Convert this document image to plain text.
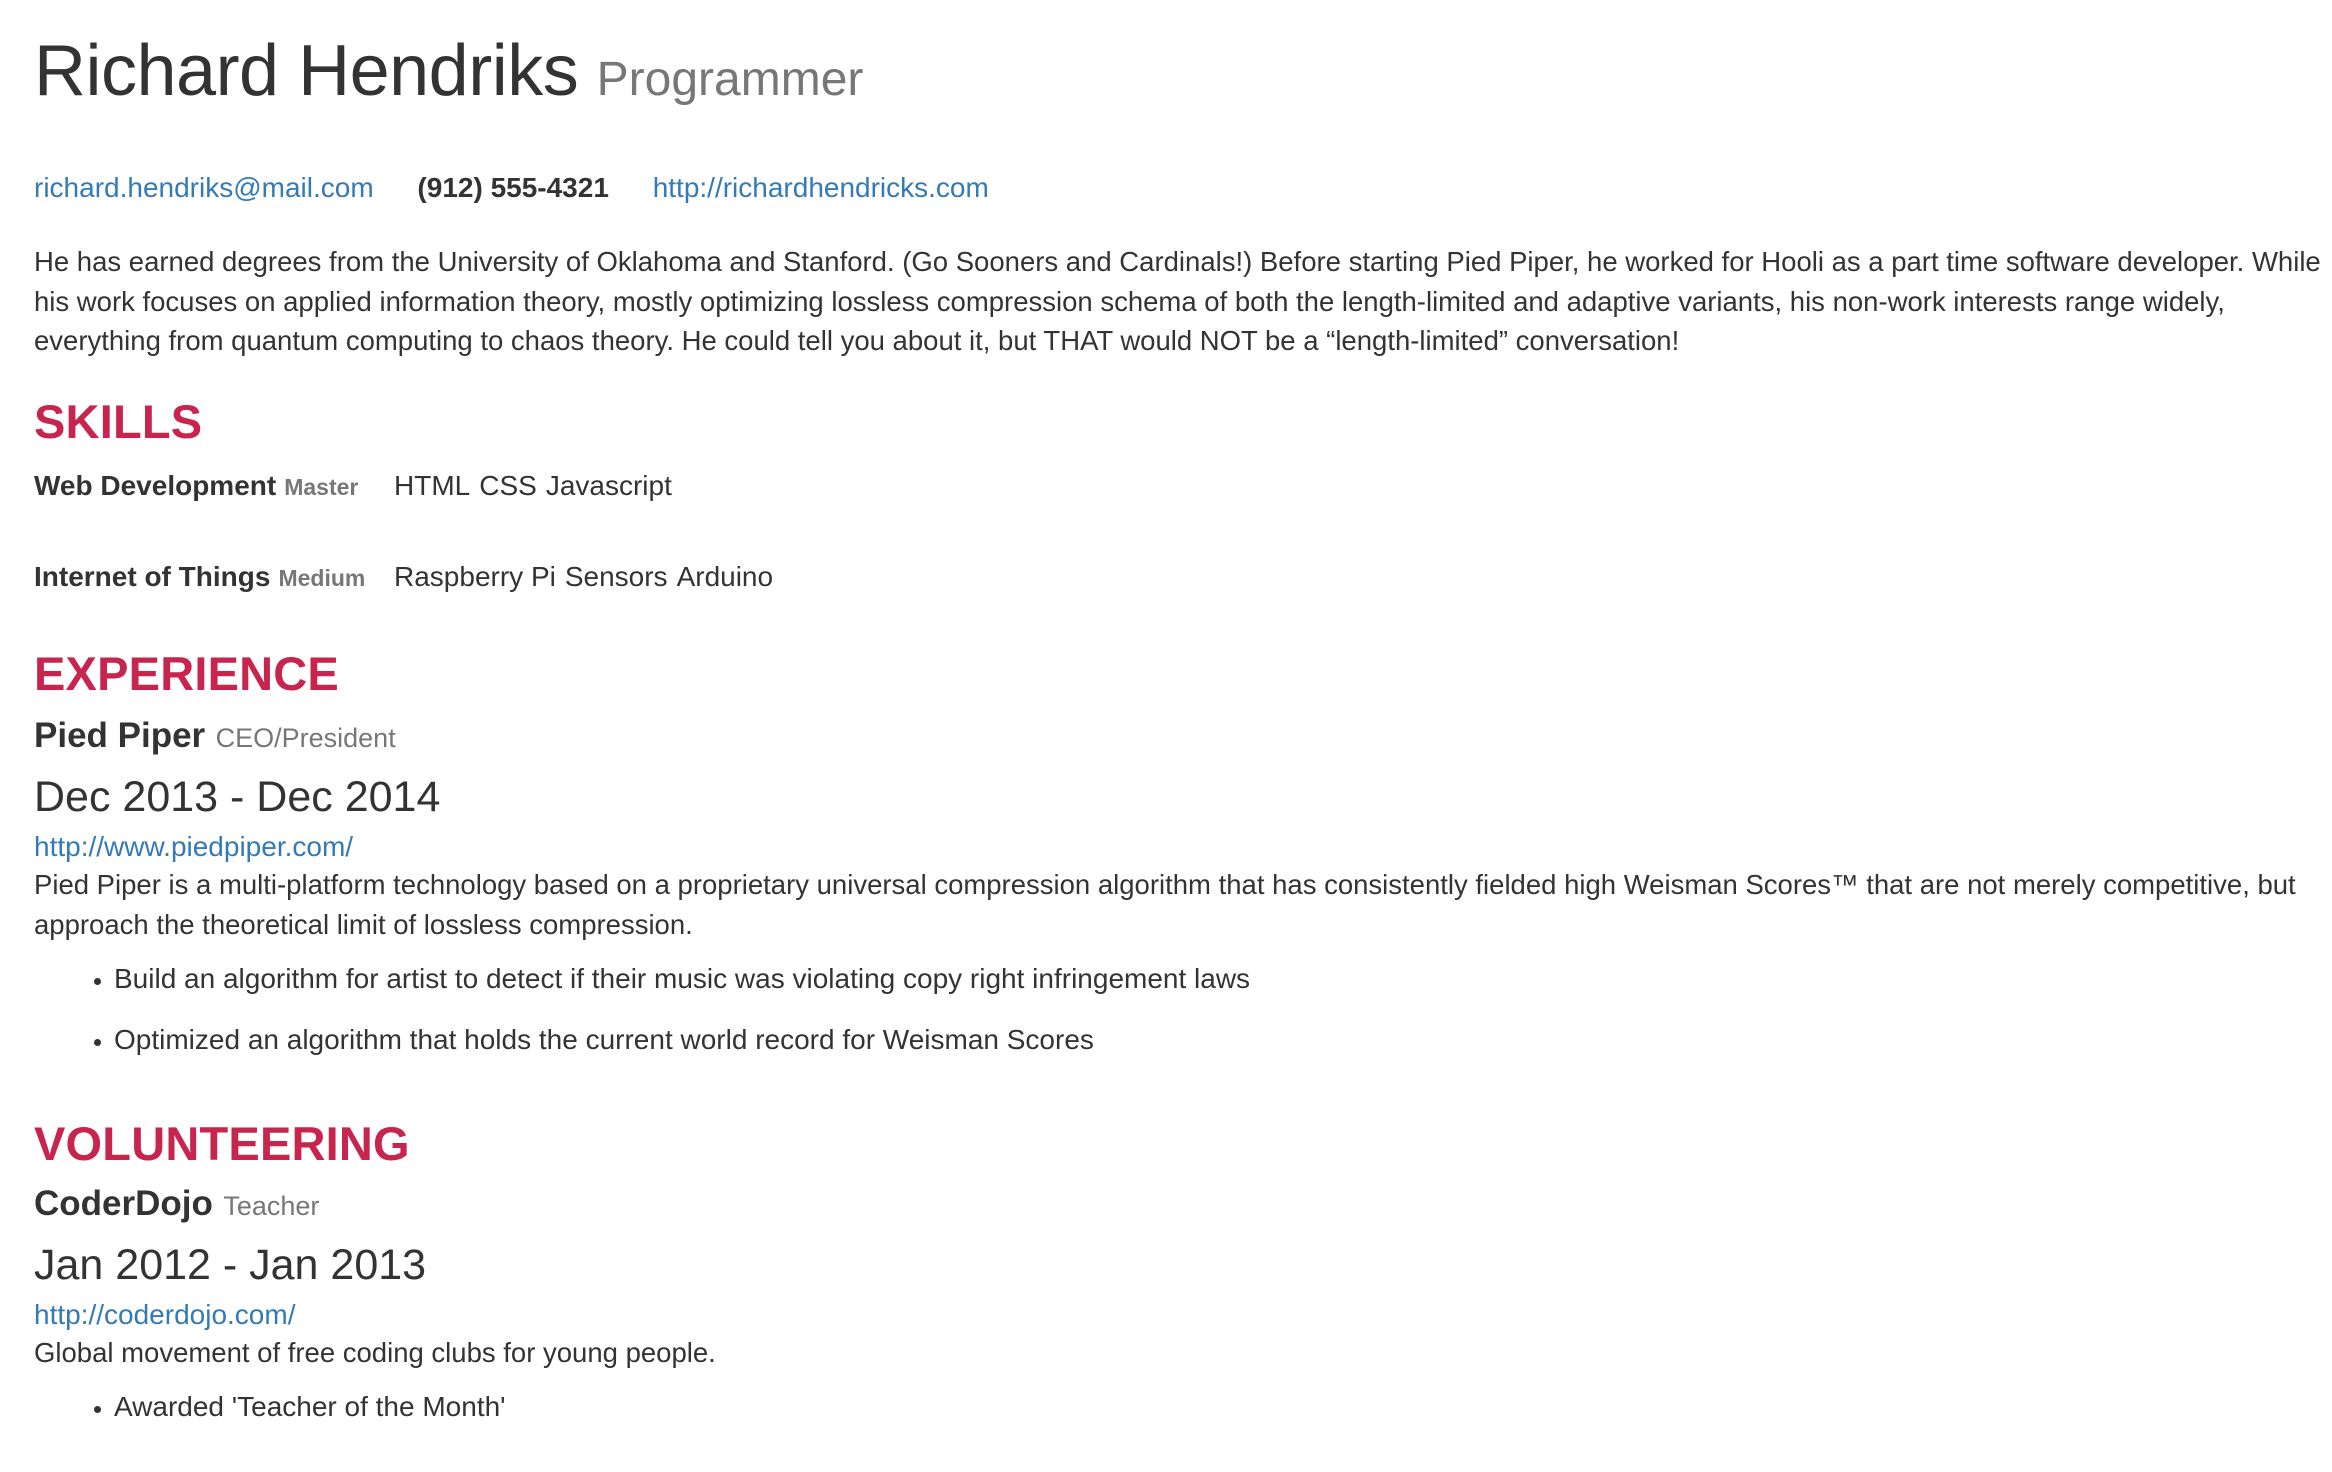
Richard Hendriks Programmer
richard.hendriks@mail.com (912) 555-4321 http://richardhendricks.com

He has earned degrees from the University of Oklahoma and Stanford. (Go Sooners and Cardinals!) Before starting Pied Piper, he worked for Hooli as a part time software developer. While his work focuses on applied information theory, mostly optimizing lossless compression schema of both the length-limited and adaptive variants, his non-work interests range widely, everything from quantum computing to chaos theory. He could tell you about it, but THAT would NOT be a “length-limited” conversation!

SKILLS
Web Development Master HTML CSS Javascript
Internet of Things Medium Raspberry Pi Sensors Arduino
EXPERIENCE
Pied Piper CEO/President
Dec 2013 - Dec 2014
http://www.piedpiper.com/
Pied Piper is a multi-platform technology based on a proprietary universal compression algorithm that has consistently fielded high Weisman Scores™ that are not merely competitive, but approach the theoretical limit of lossless compression.
• Build an algorithm for artist to detect if their music was violating copy right infringement laws
• Optimized an algorithm that holds the current world record for Weisman Scores
VOLUNTEERING
CoderDojo Teacher
Jan 2012 - Jan 2013
http://coderdojo.com/
Global movement of free coding clubs for young people.
• Awarded 'Teacher of the Month'
